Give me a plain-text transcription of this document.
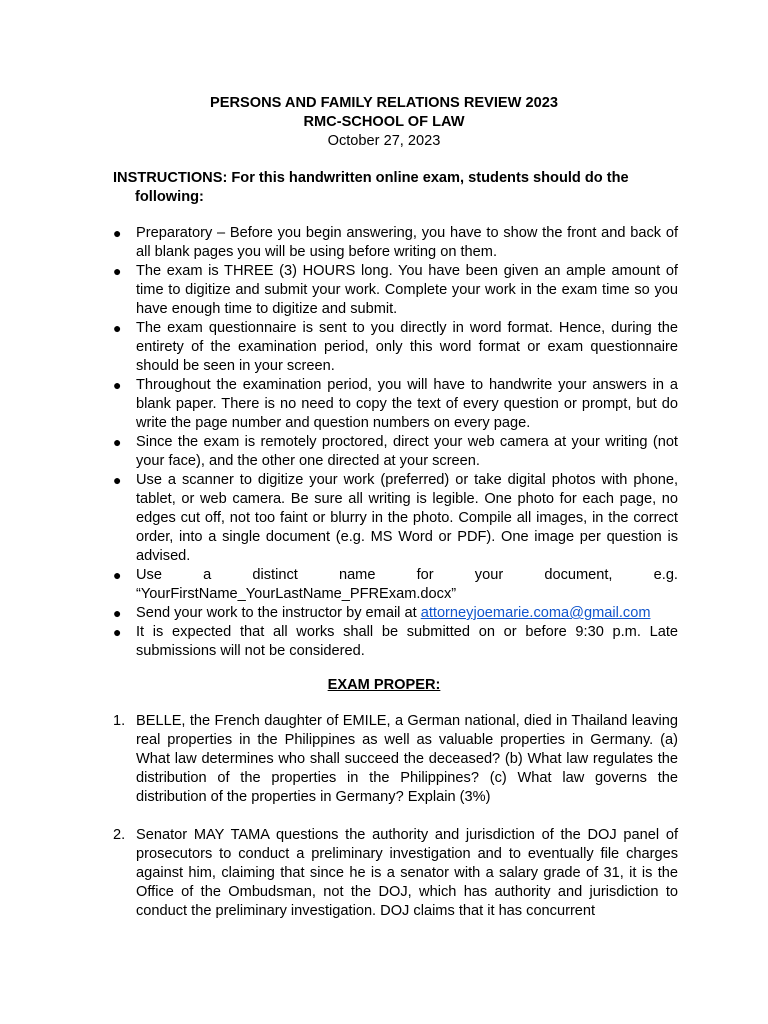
PERSONS AND FAMILY RELATIONS REVIEW 2023
RMC-SCHOOL OF LAW
October 27, 2023
INSTRUCTIONS: For this handwritten online exam, students should do the following:
● Preparatory – Before you begin answering, you have to show the front and back of all blank pages you will be using before writing on them.
● The exam is THREE (3) HOURS long. You have been given an ample amount of time to digitize and submit your work. Complete your work in the exam time so you have enough time to digitize and submit.
● The exam questionnaire is sent to you directly in word format. Hence, during the entirety of the examination period, only this word format or exam questionnaire should be seen in your screen.
● Throughout the examination period, you will have to handwrite your answers in a blank paper. There is no need to copy the text of every question or prompt, but do write the page number and question numbers on every page.
● Since the exam is remotely proctored, direct your web camera at your writing (not your face), and the other one directed at your screen.
● Use a scanner to digitize your work (preferred) or take digital photos with phone, tablet, or web camera. Be sure all writing is legible. One photo for each page, no edges cut off, not too faint or blurry in the photo. Compile all images, in the correct order, into a single document (e.g. MS Word or PDF). One image per question is advised.
● Use a distinct name for your document, e.g.
“YourFirstName_YourLastName_PFRExam.docx”
● Send your work to the instructor by email at attorneyjoemarie.coma@gmail.com
● It is expected that all works shall be submitted on or before 9:30 p.m. Late submissions will not be considered.
EXAM PROPER:
1. BELLE, the French daughter of EMILE, a German national, died in Thailand leaving real properties in the Philippines as well as valuable properties in Germany. (a) What law determines who shall succeed the deceased? (b) What law regulates the distribution of the properties in the Philippines? (c) What law governs the distribution of the properties in Germany? Explain (3%)
2. Senator MAY TAMA questions the authority and jurisdiction of the DOJ panel of prosecutors to conduct a preliminary investigation and to eventually file charges against him, claiming that since he is a senator with a salary grade of 31, it is the Office of the Ombudsman, not the DOJ, which has authority and jurisdiction to conduct the preliminary investigation. DOJ claims that it has concurrent
